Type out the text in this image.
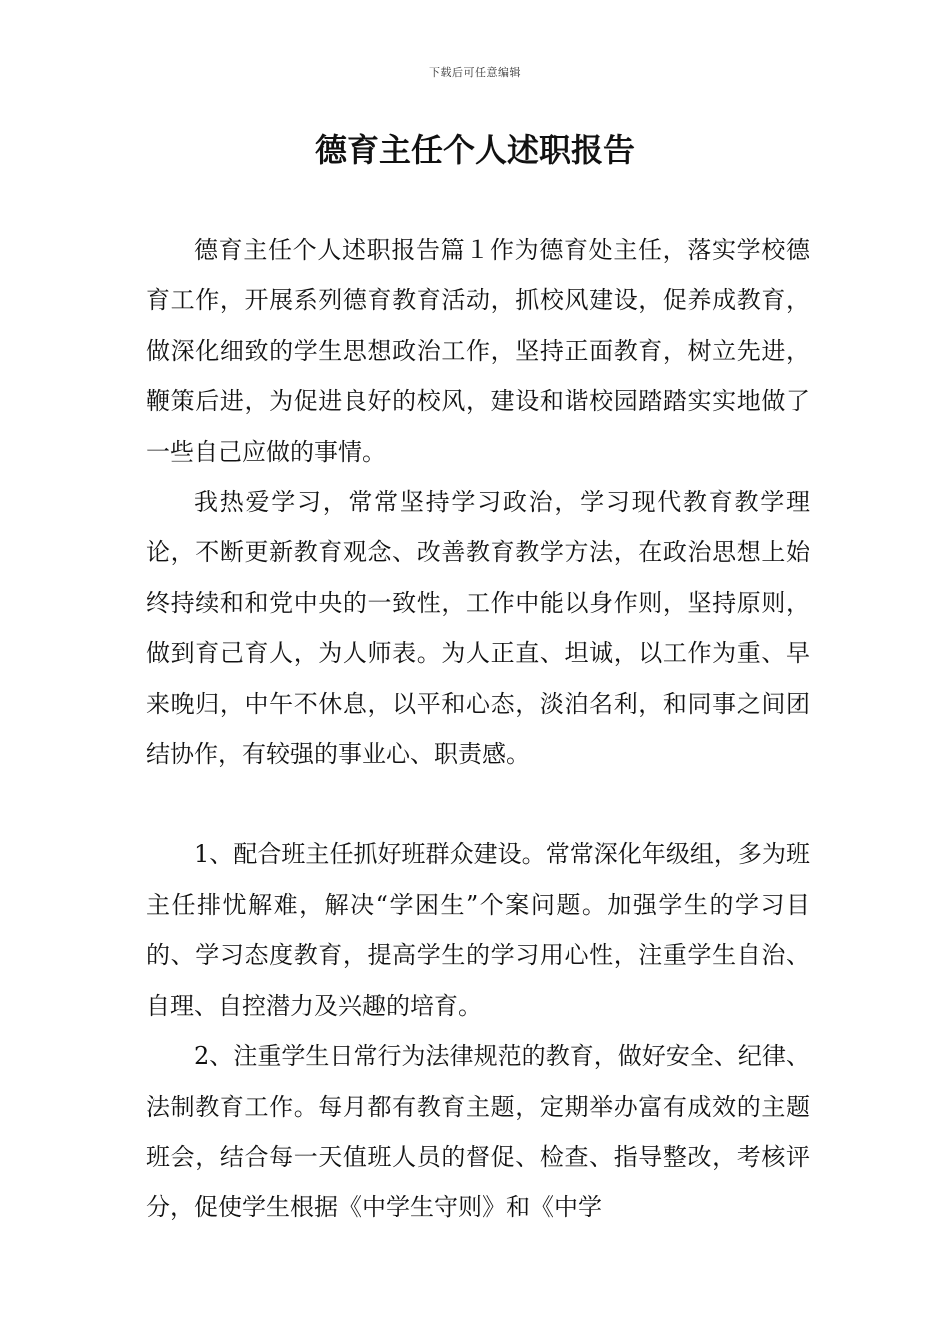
下载后可任意编辑
德育主任个人述职报告

德育主任个人述职报告篇１作为德育处主任，落实学校德育工作，开展系列德育教育活动，抓校风建设，促养成教育，做深化细致的学生思想政治工作，坚持正面教育，树立先进，鞭策后进，为促进良好的校风，建设和谐校园踏踏实实地做了一些自己应做的事情。

我热爱学习，常常坚持学习政治，学习现代教育教学理论，不断更新教育观念、改善教育教学方法，在政治思想上始终持续和和党中央的一致性，工作中能以身作则，坚持原则，做到育己育人，为人师表。为人正直、坦诚，以工作为重、早来晚归，中午不休息，以平和心态，淡泊名利，和同事之间团结协作，有较强的事业心、职责感。

1、配合班主任抓好班群众建设。常常深化年级组，多为班主任排忧解难，解决“学困生”个案问题。加强学生的学习目的、学习态度教育，提高学生的学习用心性，注重学生自治、自理、自控潜力及兴趣的培育。

2、注重学生日常行为法律规范的教育，做好安全、纪律、法制教育工作。每月都有教育主题，定期举办富有成效的主题班会，结合每一天值班人员的督促、检查、指导整改，考核评分，促使学生根据《中学生守则》和《中学
